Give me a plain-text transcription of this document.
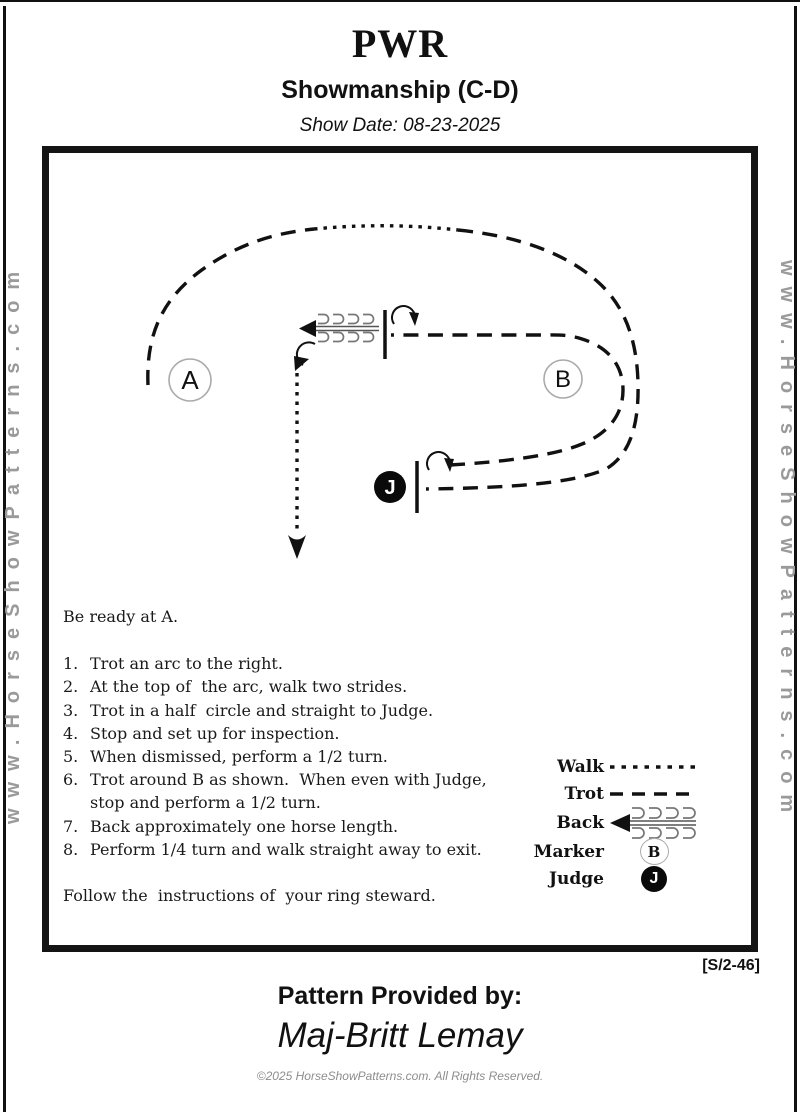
www.HorseShowPatterns.com	www.HorseShowPatterns.com
PWR
Showmanship (C-D)
Show Date: 08-23-2025
A	B
J
Be ready at A.
1. Trot an arc to the right.
2. At the top of  the arc, walk two strides.
3. Trot in a half  circle and straight to Judge.
4. Stop and set up for inspection.
5. When dismissed, perform a 1/2 turn.
6. Trot around B as shown.  When even with Judge, stop and perform a 1/2 turn.
7. Back approximately one horse length.
8. Perform 1/4 turn and walk straight away to exit.
Follow the  instructions of  your ring steward.
Walk
Trot
Back
Marker	B
Judge	J
[S/2-46]
Pattern Provided by:
Maj-Britt Lemay
©2025 HorseShowPatterns.com. All Rights Reserved.
